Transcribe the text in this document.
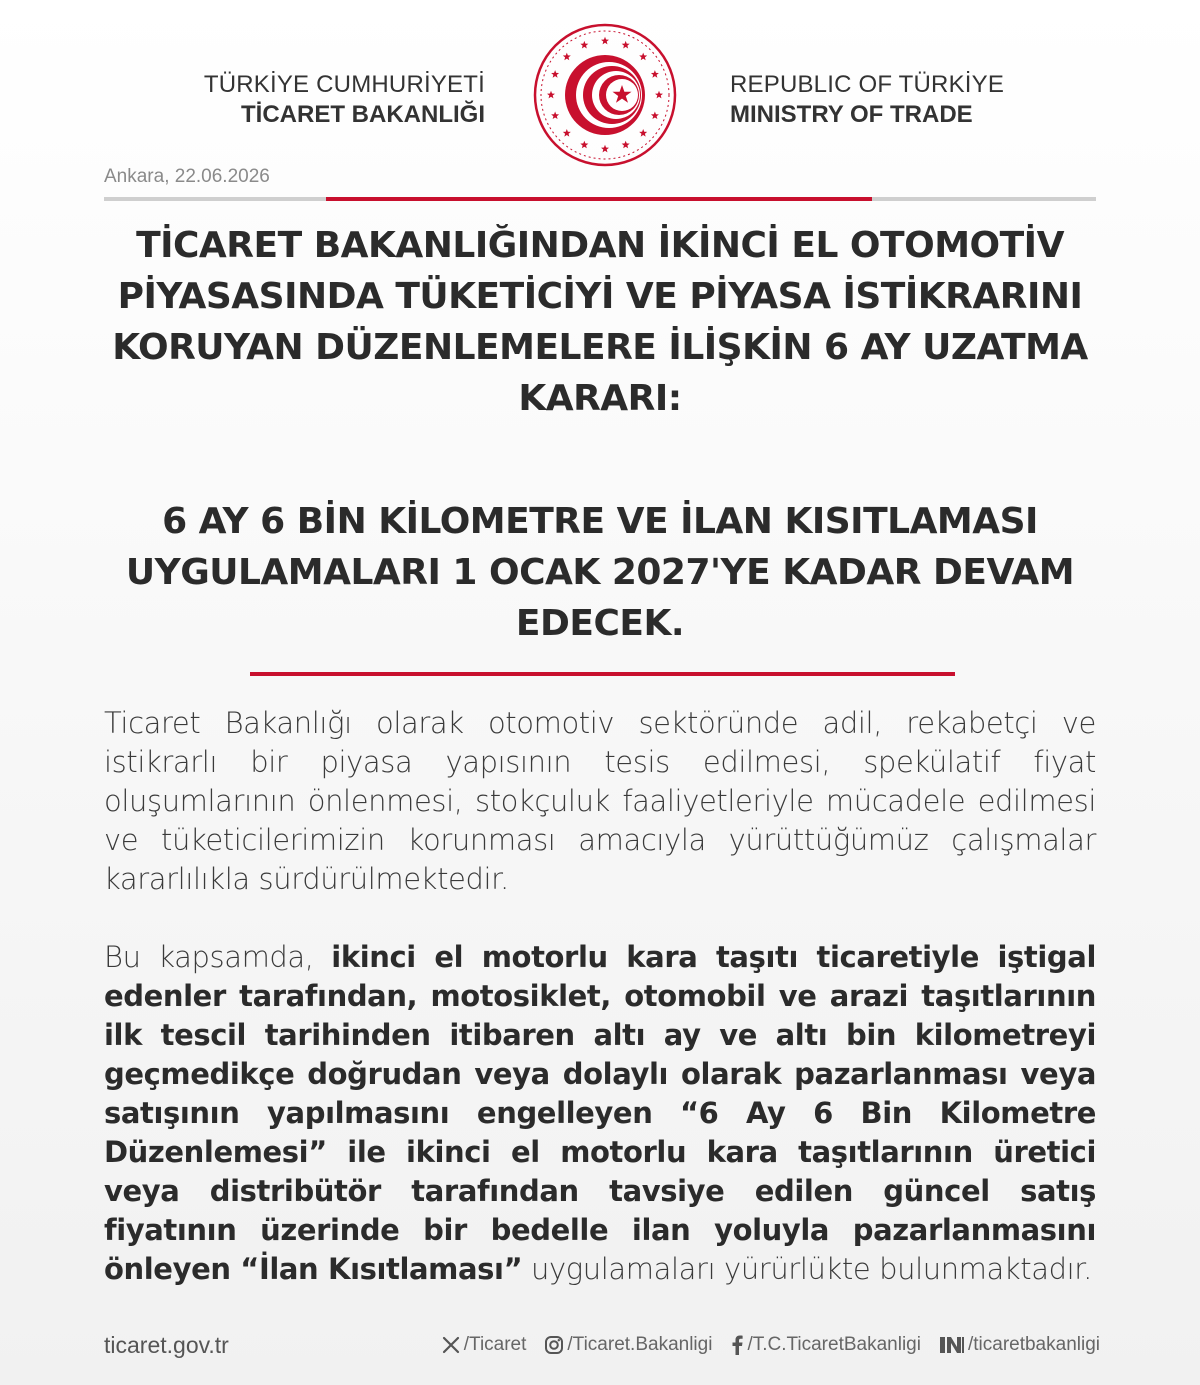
TÜRKİYE CUMHURİYETİ
TİCARET BAKANLIĞI
REPUBLIC OF TÜRKİYE
MINISTRY OF TRADE
Ankara, 22.06.2026
TİCARET BAKANLIĞINDAN İKİNCİ EL OTOMOTİV PİYASASINDA TÜKETİCİYİ VE PİYASA İSTİKRARINI KORUYAN DÜZENLEMELERE İLİŞKİN 6 AY UZATMA KARARI:
6 AY 6 BİN KİLOMETRE VE İLAN KISITLAMASI UYGULAMALARI 1 OCAK 2027'YE KADAR DEVAM EDECEK.

Ticaret Bakanlığı olarak otomotiv sektöründe adil, rekabetçi ve istikrarlı bir piyasa yapısının tesis edilmesi, spekülatif fiyat oluşumlarının önlenmesi, stokçuluk faaliyetleriyle mücadele edilmesi ve tüketicilerimizin korunması amacıyla yürüttüğümüz çalışmalar kararlılıkla sürdürülmektedir.

Bu kapsamda, ikinci el motorlu kara taşıtı ticaretiyle iştigal edenler tarafından, motosiklet, otomobil ve arazi taşıtlarının ilk tescil tarihinden itibaren altı ay ve altı bin kilometreyi geçmedikçe doğrudan veya dolaylı olarak pazarlanması veya satışının yapılmasını engelleyen “6 Ay 6 Bin Kilometre Düzenlemesi” ile ikinci el motorlu kara taşıtlarının üretici veya distribütör tarafından tavsiye edilen güncel satış fiyatının üzerinde bir bedelle ilan yoluyla pazarlanmasını önleyen “İlan Kısıtlaması” uygulamaları yürürlükte bulunmaktadır.

ticaret.gov.tr	/Ticaret /Ticaret.Bakanligi /T.C.TicaretBakanligi /ticaretbakanligi
